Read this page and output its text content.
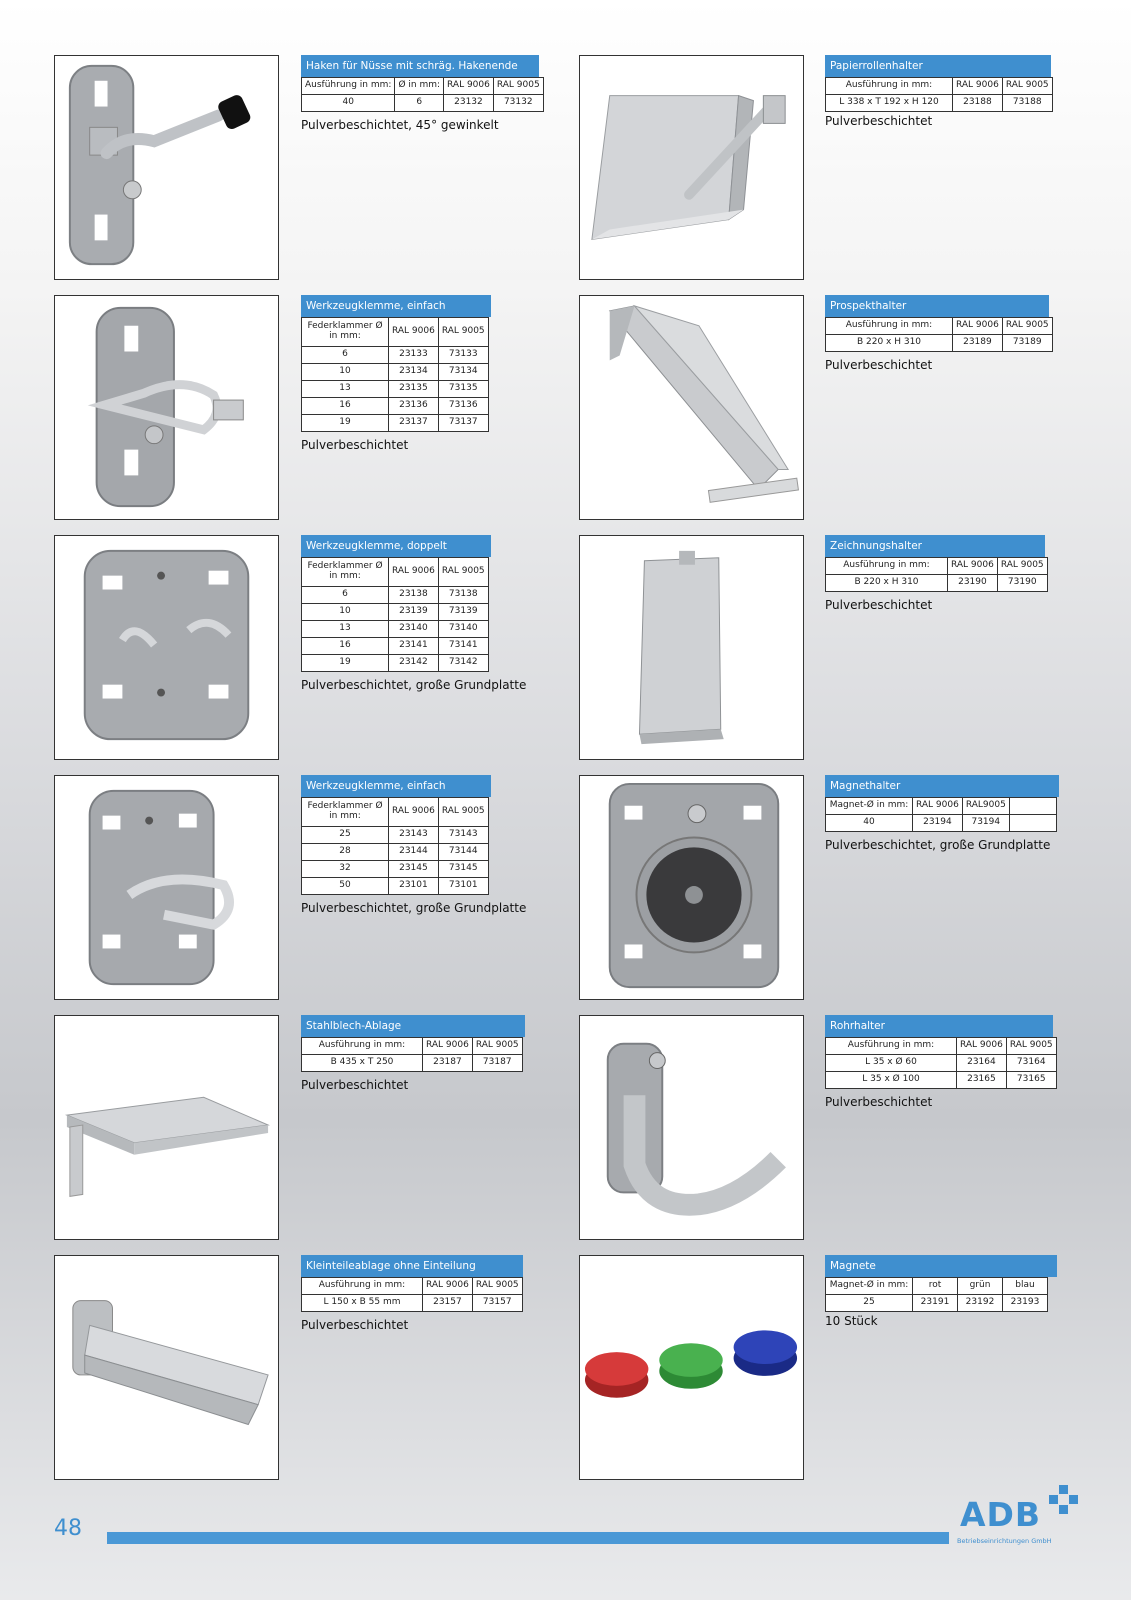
Haken für Nüsse mit schräg. Hakenende
Ausführung in mm:	Ø in mm:	RAL 9006	RAL 9005
40	6	23132	73132
Pulverbeschichtet, 45° gewinkelt
Papierrollenhalter
Ausführung in mm:	RAL 9006	RAL 9005
L 338 x T 192 x H 120	23188	73188
Pulverbeschichtet
Werkzeugklemme, einfach
Federklammer Ø in mm:	RAL 9006	RAL 9005
6	23133	73133
10	23134	73134
13	23135	73135
16	23136	73136
19	23137	73137
Pulverbeschichtet
Prospekthalter
Ausführung in mm:	RAL 9006	RAL 9005
B 220 x H 310	23189	73189
Pulverbeschichtet
Werkzeugklemme, doppelt
Federklammer Ø in mm:	RAL 9006	RAL 9005
6	23138	73138
10	23139	73139
13	23140	73140
16	23141	73141
19	23142	73142
Pulverbeschichtet, große Grundplatte
Zeichnungshalter
Ausführung in mm:	RAL 9006	RAL 9005
B 220 x H 310	23190	73190
Pulverbeschichtet
Werkzeugklemme, einfach
Federklammer Ø in mm:	RAL 9006	RAL 9005
25	23143	73143
28	23144	73144
32	23145	73145
50	23101	73101
Pulverbeschichtet, große Grundplatte
Magnethalter
Magnet-Ø in mm:	RAL 9006	RAL9005	
40	23194	73194	
Pulverbeschichtet, große Grundplatte
Stahlblech-Ablage
Ausführung in mm:	RAL 9006	RAL 9005
B 435 x T 250	23187	73187
Pulverbeschichtet
Rohrhalter
Ausführung in mm:	RAL 9006	RAL 9005
L 35 x Ø 60	23164	73164
L 35 x Ø 100	23165	73165
Pulverbeschichtet
Kleinteileablage ohne Einteilung
Ausführung in mm:	RAL 9006	RAL 9005
L 150 x B 55 mm	23157	73157
Pulverbeschichtet
Magnete
Magnet-Ø in mm:	rot	grün	blau
25	23191	23192	23193
10 Stück
48	ADB
Betriebseinrichtungen GmbH
